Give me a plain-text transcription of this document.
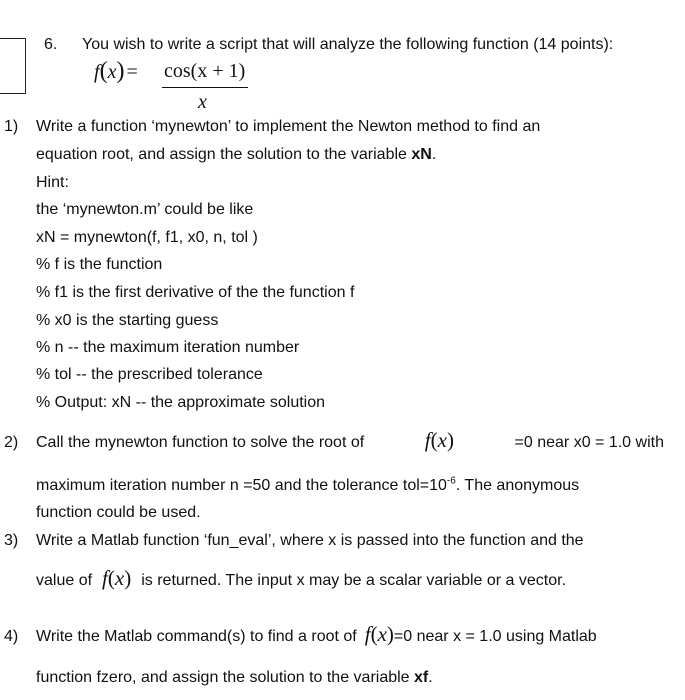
6. You wish to write a script that will analyze the following function (14 points):
f(x) = cos(x + 1)
x
1) Write a function ‘mynewton’ to implement the Newton method to find an
equation root, and assign the solution to the variable xN.
Hint:
the ‘mynewton.m’ could be like
xN = mynewton(f, f1, x0, n, tol )
% f is the function
% f1 is the first derivative of the the function f
% x0 is the starting guess
% n -- the maximum iteration number
% tol -- the prescribed tolerance
% Output: xN -- the approximate solution
2) Call the mynewton function to solve the root of	f(x)	=0 near x0 = 1.0 with
maximum iteration number n =50 and the tolerance $tol=10^{-6}$. The anonymous
function could be used.
3) Write a Matlab function ‘fun_eval’, where x is passed into the function and the
value of f(x) is returned. The input x may be a scalar variable or a vector.
4) Write the Matlab command(s) to find a root of f(x) =0 near x = 1.0 using Matlab
function fzero, and assign the solution to the variable xf.
